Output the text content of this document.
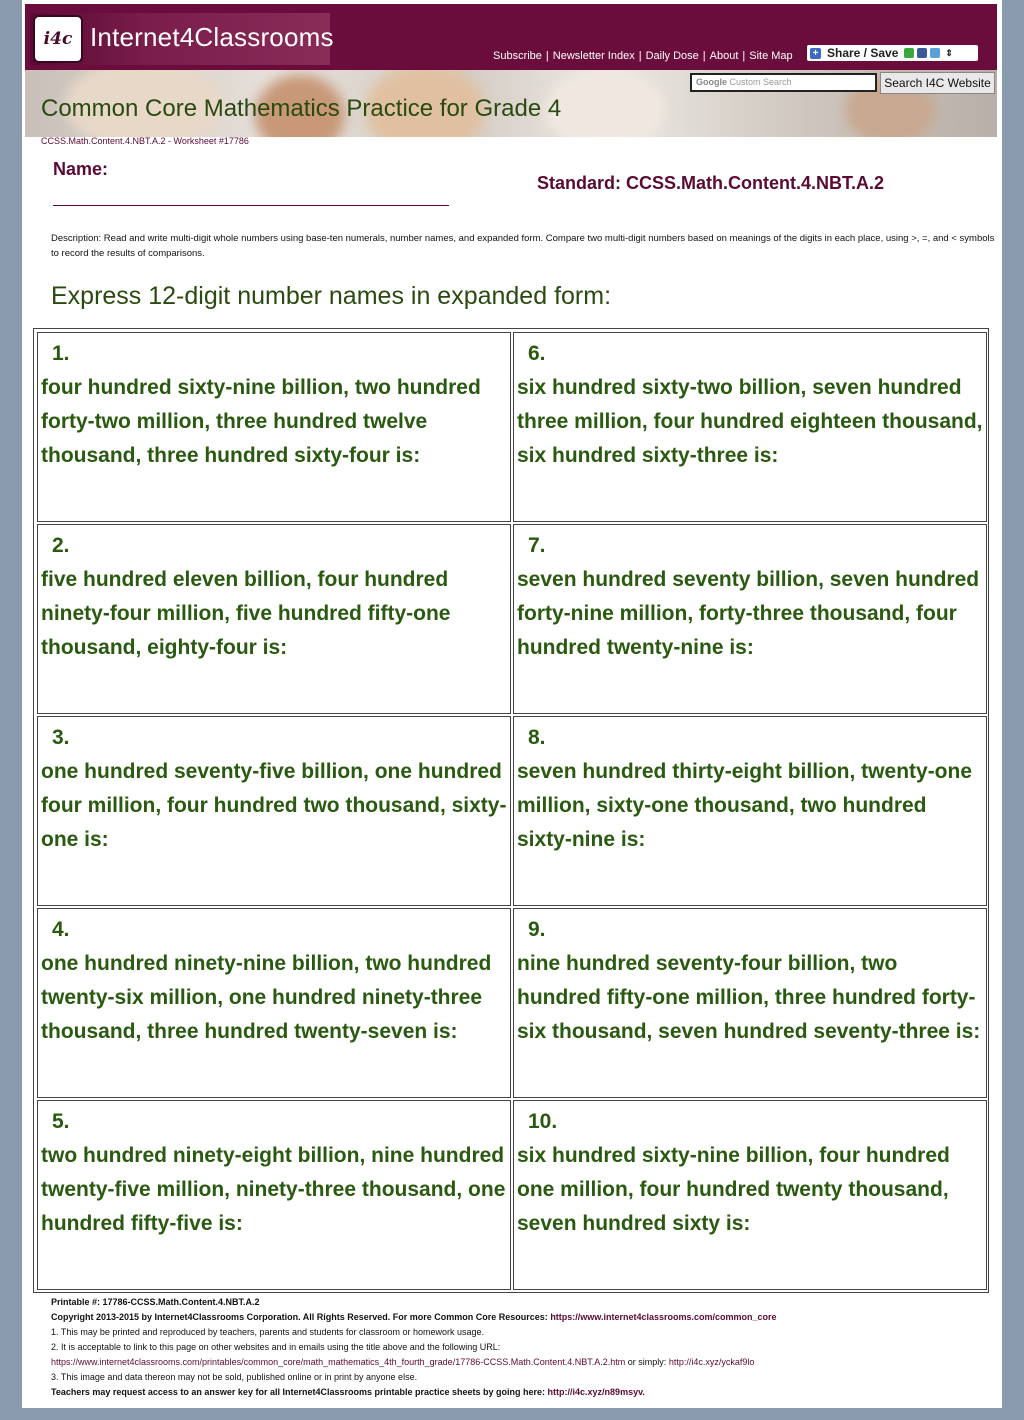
i4c Internet4Classrooms
Subscribe | Newsletter Index | Daily Dose | About | Site Map + Share / Save	⇕
Google Custom Search	Search I4C Website
Common Core Mathematics Practice for Grade 4
CCSS.Math.Content.4.NBT.A.2 - Worksheet #17786
Name:
Standard: CCSS.Math.Content.4.NBT.A.2
Description: Read and write multi-digit whole numbers using base-ten numerals, number names, and expanded form. Compare two multi-digit numbers based on meanings of the digits in each place, using >, =, and < symbols to record the results of comparisons.
Express 12-digit number names in expanded form:
1.
four hundred sixty-nine billion, two hundred forty-two million, three hundred twelve thousand, three hundred sixty-four is:
6.
six hundred sixty-two billion, seven hundred three million, four hundred eighteen thousand, six hundred sixty-three is:
2.
five hundred eleven billion, four hundred ninety-four million, five hundred fifty-one thousand, eighty-four is:
7.
seven hundred seventy billion, seven hundred forty-nine million, forty-three thousand, four hundred twenty-nine is:
3.
one hundred seventy-five billion, one hundred four million, four hundred two thousand, sixty-one is:
8.
seven hundred thirty-eight billion, twenty-one million, sixty-one thousand, two hundred sixty-nine is:
4.
one hundred ninety-nine billion, two hundred twenty-six million, one hundred ninety-three thousand, three hundred twenty-seven is:
9.
nine hundred seventy-four billion, two hundred fifty-one million, three hundred forty-six thousand, seven hundred seventy-three is:
5.
two hundred ninety-eight billion, nine hundred twenty-five million, ninety-three thousand, one hundred fifty-five is:
10.
six hundred sixty-nine billion, four hundred one million, four hundred twenty thousand, seven hundred sixty is:
Printable #: 17786-CCSS.Math.Content.4.NBT.A.2
Copyright 2013-2015 by Internet4Classrooms Corporation. All Rights Reserved. For more Common Core Resources: https://www.internet4classrooms.com/common_core
1. This may be printed and reproduced by teachers, parents and students for classroom or homework usage.
2. It is acceptable to link to this page on other websites and in emails using the title above and the following URL:
https://www.internet4classrooms.com/printables/common_core/math_mathematics_4th_fourth_grade/17786-CCSS.Math.Content.4.NBT.A.2.htm or simply: http://i4c.xyz/yckaf9lo
3. This image and data thereon may not be sold, published online or in print by anyone else.
Teachers may request access to an answer key for all Internet4Classrooms printable practice sheets by going here: http://i4c.xyz/n89msyv.
